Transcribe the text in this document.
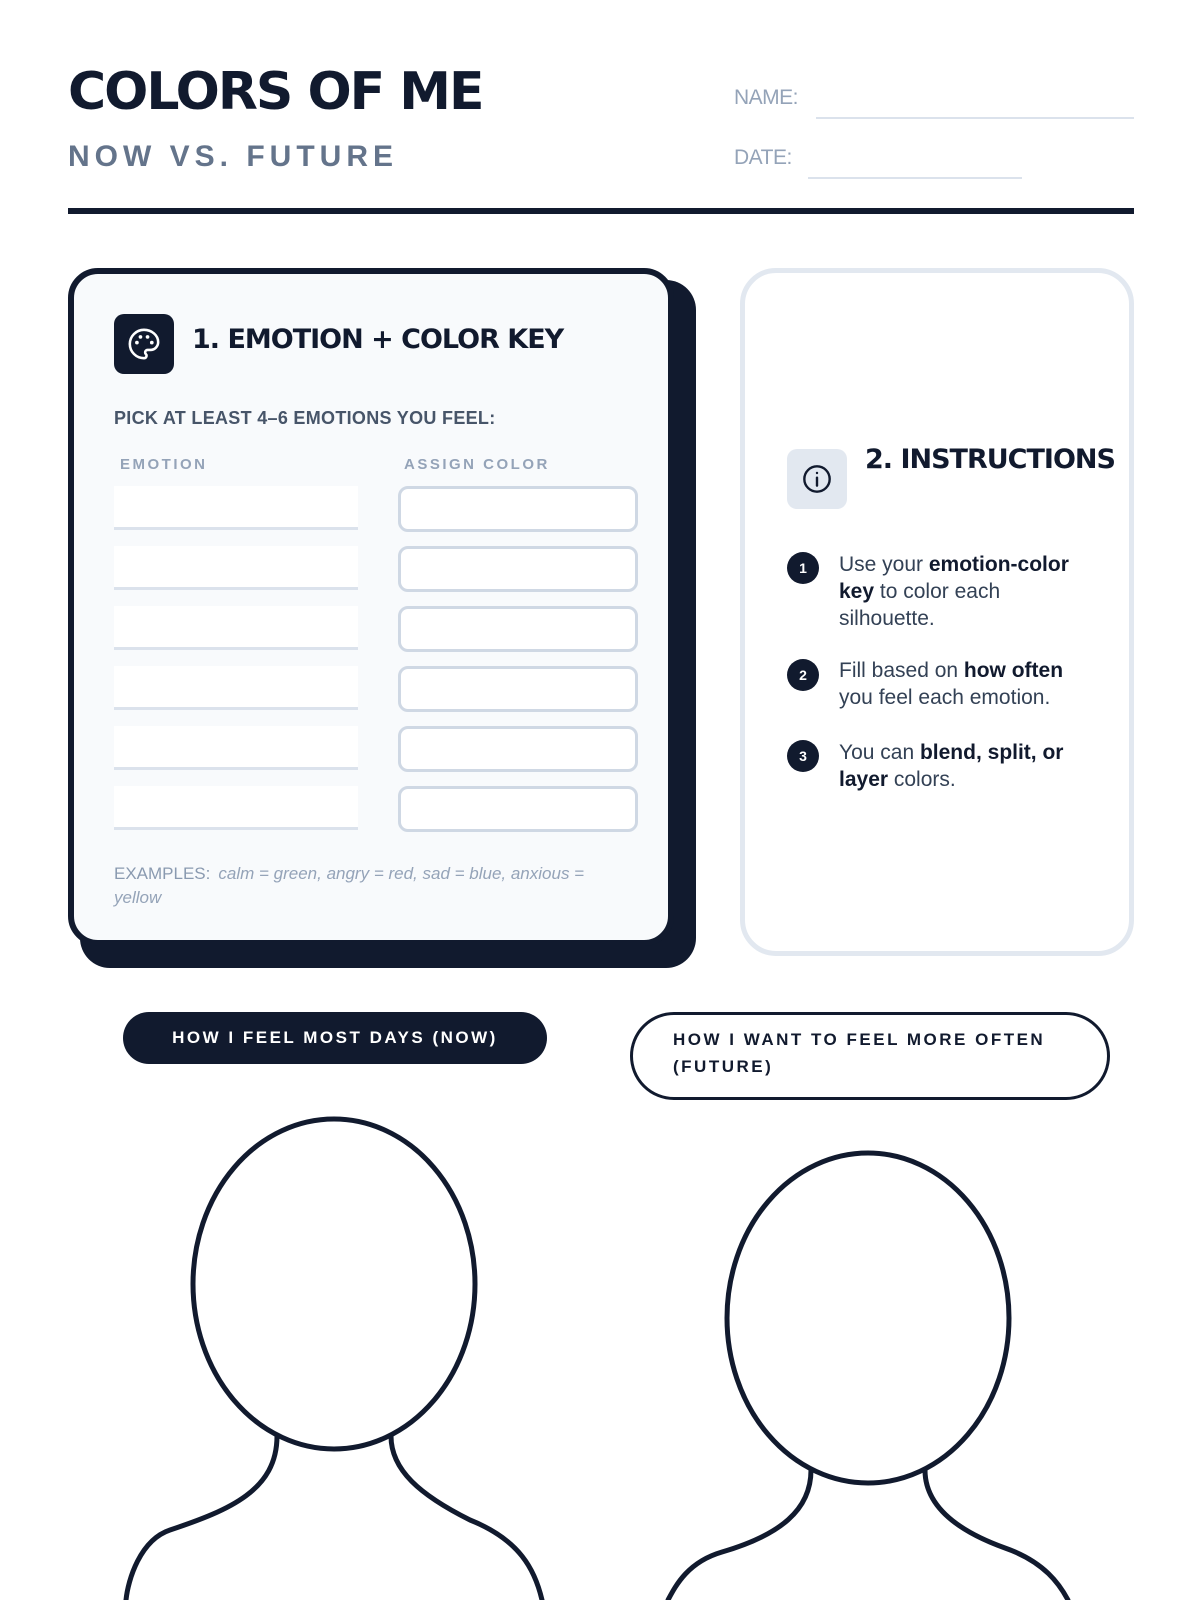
COLORS OF ME
NOW VS. FUTURE
NAME:
DATE:
1. EMOTION + COLOR KEY
PICK AT LEAST 4–6 EMOTIONS YOU FEEL:
EMOTION	ASSIGN COLOR
EXAMPLES: calm = green, angry = red, sad = blue, anxious = yellow
2. INSTRUCTIONS
1	Use your emotion-color key to color each silhouette.
2	Fill based on how often you feel each emotion.
3	You can blend, split, or layer colors.
HOW I FEEL MOST DAYS (NOW)	HOW I WANT TO FEEL MORE OFTEN (FUTURE)
